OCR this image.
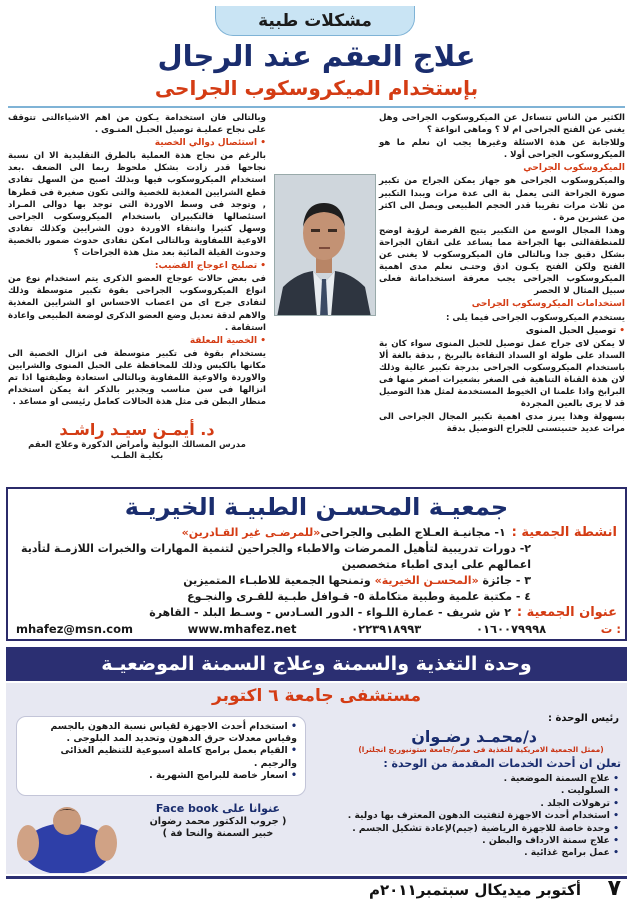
مشكلات طبية
علاج العقم عند الرجال
بإستخدام الميكروسكوب الجراحى

الكثير من الناس تتساءل عن الميكروسكوب الجراحى وهل يغنى عن الفتح الجراحى ام لا ؟ وماهى انواعة ؟

وللاجابة عن هذة الاسئلة وغيرها يجب ان نعلم ما هو الميكروسكوب الجراحى أولا .

الميكروسكوب الجراحي

والميكروسكوب الجراحى هو جهاز يمكن الجراح من تكبير صورة الجراحة التى يعمل بة الى عدة مرات ويبدا التكبير من ثلاث مرات تقريبا قدر الحجم الطبيعى ويصل الى اكثر من عشرين مرة .

وهذا المجال الوسع من التكبير يتيح الفرصة لرؤية اوضح للمنطقةالتى بها الجراحة مما يساعد على اتقان الجراحة بشكل دقيق جدا وبالتالى فان الميكروسكوب لا يغنى عن الفتح ولكن الفتح يكـون ادق وحتـى نعلم مدى اهمية الميكروسكوب الجراحى يجب معرفة استخداماتة فعلى سبيل المثال لا الحصر

استخدامات الميكروسكوب الجراحى

يستخدم الميكروسكوب الجراحى فيما يلى :

• توصيل الحبل المنوى

لا يمكن لاى جراح عمل توصيل للحبل المنوى سواء كان بة السداد على طولة او السداد التقاءة بالبربخ , بدقة بالغة ألا باستخدام الميكروسكوب الجراحى بدرجة تكبير عالية وذلك لان هذة القناة التناهية فى الصغر بشعيرات اصغر منها فى البرابخ واذا علمنا ان الخيوط المستخدمة لمثل هذا التوصيل قد لا يرى بالعين المجردة

بسهولة وهذا يبرز مدى اهمية تكبير المجال الجراحى الى مرات عديد حتىيتسنى للجراح التوصيل بدقة

وبالتالى فان استخدامة يـكون من اهم الاشياءالتى تتوقف على نجاح عمليـة توصيل الحبـل المنـوى .

• استئصال دوالي الخصية

بالرغم من نجاح هذة العملية بالطرق التقليدية الا ان نسبة نجاحها قدر زادت بشكل ملحوظ ربما الى الضعف .بعد استخدام الميكروسكوب فيها وبذلك اصبح من السهل تفادى قطع الشرايين المغذية للخصية والتى تكون صغيرة فى قطرها , وتوجد فى وسط الاوردة التى توجد بها دوالى المـراد استئصالها فالتكبيران باستخدام الميكروسكوب الجراحى وسهل كثيرا وانتقاء الاوردة دون الشرايين وكذلك تفادى الاوعية اللمفاوية وبالتالى امكن تفادى حدوث ضمور بالخصية وحدوث القيلة المائية بعد مثل هذة الجراحات ؟

• تصليح اعوجاج القضيب:

فى بعض حالات عوجاج العضو الذكرى يتم استخدام نوع من انواع الميكروسكوب الجراحى بقوة تكبير متوسطة وذلك لتفادى جرح اى من اعصاب الاحساس او الشرايين المغذية والاهم لدقة تعديل وضع العضو الذكرى لوضعة الطبيعى واعادة استقامة .

• الخصية المعلقة

يستخدام بقوة فى تكبير متوسطة فى انزال الخصية الى مكانها بالكيس وذلك للمحافظة على الحبل المنوى والشرايين والاوردة والاوعية اللمفاوية وبالتالى استعادة وظيفتها اذا تم انزالها فى سن مناسب ويجدير بالذكر انة يمكن استخدام منظار البطن فى مثل هذة الحالات كعامل رئيسى او مساعد .

د. أيمـن سيـد راشـد
مدرس المسالك البولية وأمراض الذكورة وعلاج العقم
بكليـة الطـب
جمعيـة المحسـن الطبيـة الخيريـة
انشطة الجمعية :
١- مجانيـة العـلاج الطبى والجراحى
«للمرضـى غير القـادرين»
٢- دورات تدريبية لتأهيل الممرضات والاطباء والجراحين لتنمية المهارات والخبرات اللازمـة لتأدية اعمالهم على ايدى اطباء متخصصين
٣ - جائزة «المحسـن الخيرية» وتمنحها الجمعية للاطبـاء المتميزين
٤ - مكتبة علمية وطبية متكاملة ٥- قـوافل طبـية للقـرى والنجـوع
عنوان الجمعية :
٢ ش شريف - عمارة اللـواء - الدور السـادس - وسـط البلد - القاهرة
mhafez@msn.com	www.mhafez.net	٠٢٢٣٩١٨٩٩٣	٠١٦٠٠٧٩٩٩٨	ت :
وحدة التغذية والسمنة وعلاج السمنة الموضعيـة
مستشفى جامعة ٦ اكتوبر
رئيس الوحدة :
د/محمـد رضـوان
(ممثل الجمعية الامريكية للتغذية فى مصر/جامعة ستونيوريج انجلترا)
تعلن ان أحدث الخدمات المقدمة من الوحدة :
• علاج السمنة الموضعية .
• السلوليت .
• ترهولات الجلد .
• استخدام أحدث الاجهزة لتفتيت الدهون المعترف بها دولية .
• وحدة خاصة للاجهزة الرياضية (جيم)لإعادة تشكيل الجسم .
• علاج سمنة الارداف والبطن .
• عمل برامج غذائية .
• استخدام أحدث الاجهزة لقياس نسبة الدهون بالجسم وقياس معدلات حرق الدهون وتحديد المد البلوجى .
• القيام بعمل برامج كاملة اسبوعية للتنظيم الغذائى والرجيم .
• اسعار خاصة للبرامج الشهرية .
عنوانا على Face book
( جروب الدكتور محمد رضوان
خبير السمنة والنحا فة )
٧
أكتوبر ميديكال سبتمبر٢٠١١م
